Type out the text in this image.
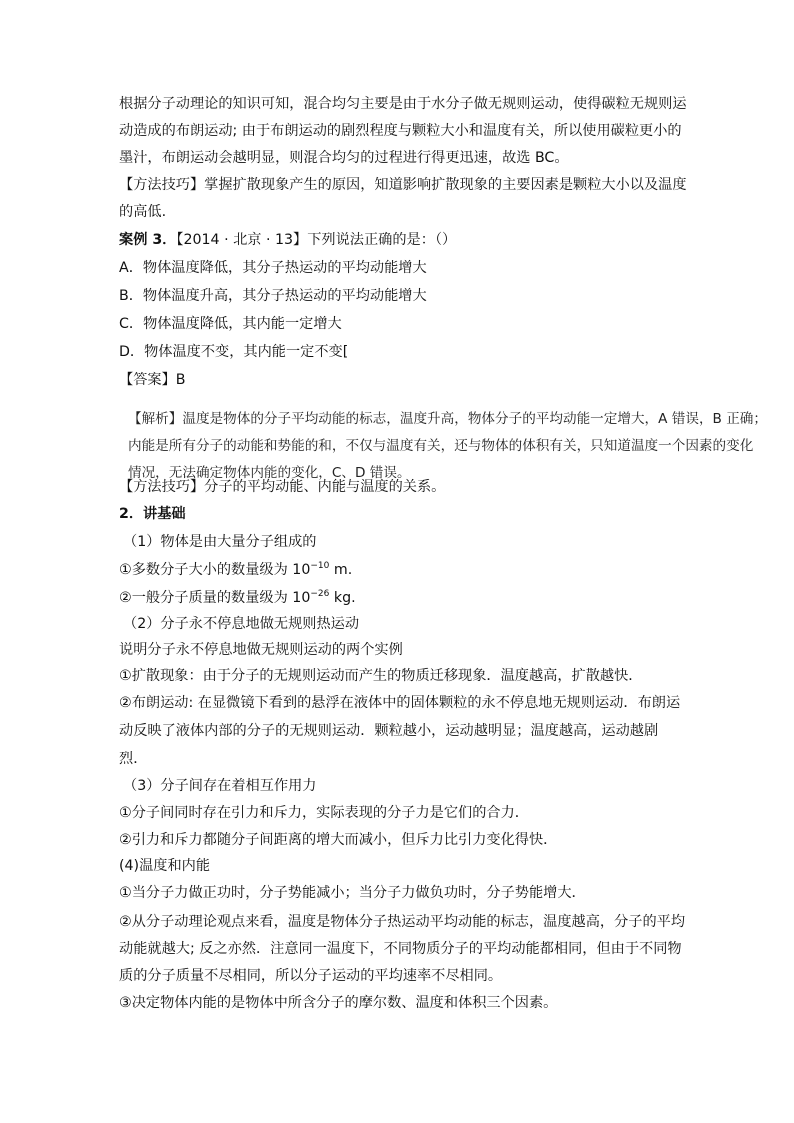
根据分子动理论的知识可知，混合均匀主要是由于水分子做无规则运动，使得碳粒无规则运
动造成的布朗运动; 由于布朗运动的剧烈程度与颗粒大小和温度有关，所以使用碳粒更小的
墨汁，布朗运动会越明显，则混合均匀的过程进行得更迅速，故选 BC。
【方法技巧】掌握扩散现象产生的原因，知道影响扩散现象的主要因素是颗粒大小以及温度
的高低.
案例 3．【2014 · 北京 · 13】下列说法正确的是：（）
A．物体温度降低，其分子热运动的平均动能增大
B．物体温度升高，其分子热运动的平均动能增大
C．物体温度降低，其内能一定增大
D．物体温度不变，其内能一定不变[
【答案】B
【解析】温度是物体的分子平均动能的标志，温度升高，物体分子的平均动能一定增大，A 错误，B 正确；
内能是所有分子的动能和势能的和，不仅与温度有关，还与物体的体积有关，只知道温度一个因素的变化
情况，无法确定物体内能的变化，C、D 错误。
【方法技巧】分子的平均动能、内能与温度的关系。
2．讲基础
（1）物体是由大量分子组成的
①多数分子大小的数量级为 $10^{-10}$ m.
②一般分子质量的数量级为 $10^{-26}$ kg.
（2）分子永不停息地做无规则热运动
说明分子永不停息地做无规则运动的两个实例
①扩散现象：由于分子的无规则运动而产生的物质迁移现象．温度越高，扩散越快．
②布朗运动: 在显微镜下看到的悬浮在液体中的固体颗粒的永不停息地无规则运动．布朗运
动反映了液体内部的分子的无规则运动．颗粒越小，运动越明显；温度越高，运动越剧
烈．
（3）分子间存在着相互作用力
①分子间同时存在引力和斥力，实际表现的分子力是它们的合力．
②引力和斥力都随分子间距离的增大而减小，但斥力比引力变化得快．
(4)温度和内能
①当分子力做正功时，分子势能减小；当分子力做负功时，分子势能增大．
②从分子动理论观点来看，温度是物体分子热运动平均动能的标志，温度越高，分子的平均
动能就越大; 反之亦然．注意同一温度下，不同物质分子的平均动能都相同，但由于不同物
质的分子质量不尽相同，所以分子运动的平均速率不尽相同。
③决定物体内能的是物体中所含分子的摩尔数、温度和体积三个因素。
